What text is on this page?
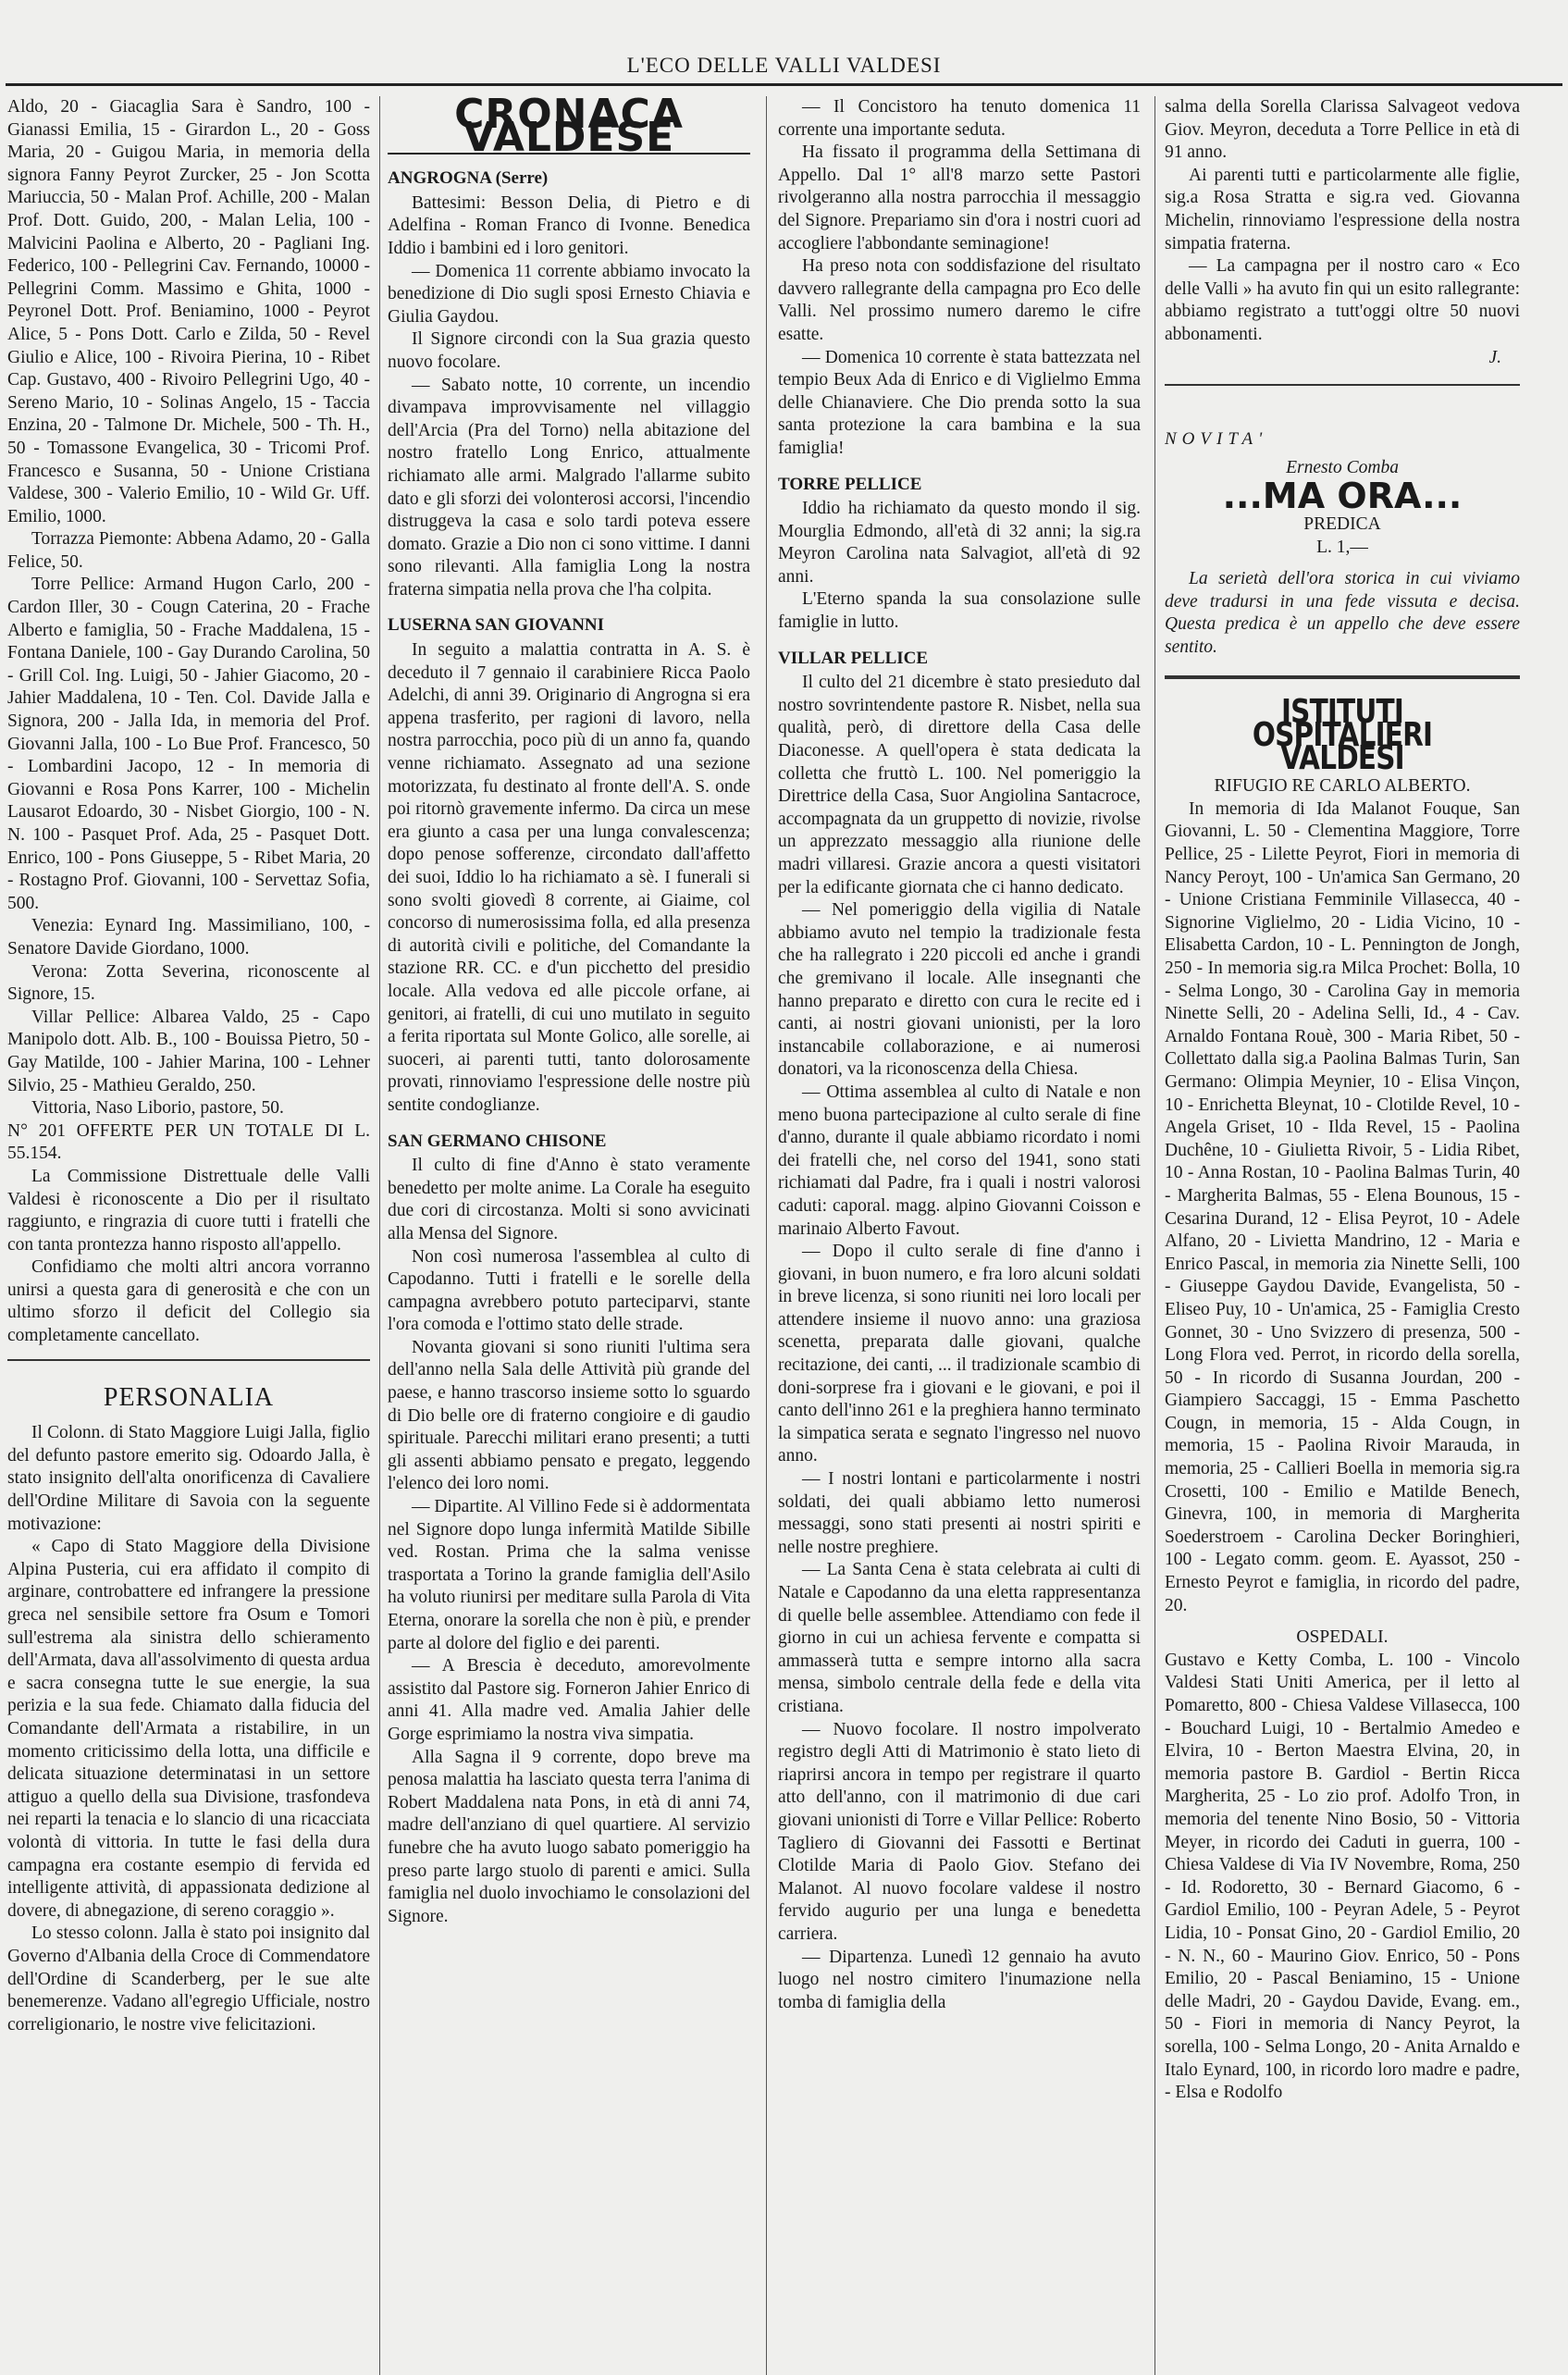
L'ECO DELLE VALLI VALDESI

Aldo, 20 - Giacaglia Sara è Sandro, 100 - Gianassi Emilia, 15 - Girardon L., 20 - Goss Maria, 20 - Guigou Maria, in memoria della signora Fanny Peyrot Zurcker, 25 - Jon Scotta Mariuccia, 50 - Malan Prof. Achille, 200 - Malan Prof. Dott. Guido, 200, - Malan Lelia, 100 - Malvicini Paolina e Alberto, 20 - Pagliani Ing. Federico, 100 - Pellegrini Cav. Fernando, 10000 - Pellegrini Comm. Massimo e Ghita, 1000 - Peyronel Dott. Prof. Beniamino, 1000 - Peyrot Alice, 5 - Pons Dott. Carlo e Zilda, 50 - Revel Giulio e Alice, 100 - Rivoira Pierina, 10 - Ribet Cap. Gustavo, 400 - Rivoiro Pellegrini Ugo, 40 - Sereno Mario, 10 - Solinas Angelo, 15 - Taccia Enzina, 20 - Talmone Dr. Michele, 500 - Th. H., 50 - Tomassone Evangelica, 30 - Tricomi Prof. Francesco e Susanna, 50 - Unione Cristiana Valdese, 300 - Valerio Emilio, 10 - Wild Gr. Uff. Emilio, 1000.

Torrazza Piemonte: Abbena Adamo, 20 - Galla Felice, 50.

Torre Pellice: Armand Hugon Carlo, 200 - Cardon Iller, 30 - Cougn Caterina, 20 - Frache Alberto e famiglia, 50 - Frache Maddalena, 15 - Fontana Daniele, 100 - Gay Durando Carolina, 50 - Grill Col. Ing. Luigi, 50 - Jahier Giacomo, 20 - Jahier Maddalena, 10 - Ten. Col. Davide Jalla e Signora, 200 - Jalla Ida, in memoria del Prof. Giovanni Jalla, 100 - Lo Bue Prof. Francesco, 50 - Lombardini Jacopo, 12 - In memoria di Giovanni e Rosa Pons Karrer, 100 - Michelin Lausarot Edoardo, 30 - Nisbet Giorgio, 100 - N. N. 100 - Pasquet Prof. Ada, 25 - Pasquet Dott. Enrico, 100 - Pons Giuseppe, 5 - Ribet Maria, 20 - Rostagno Prof. Giovanni, 100 - Servettaz Sofia, 500.

Venezia: Eynard Ing. Massimiliano, 100, - Senatore Davide Giordano, 1000.

Verona: Zotta Severina, riconoscente al Signore, 15.

Villar Pellice: Albarea Valdo, 25 - Capo Manipolo dott. Alb. B., 100 - Bouissa Pietro, 50 - Gay Matilde, 100 - Jahier Marina, 100 - Lehner Silvio, 25 - Mathieu Geraldo, 250.

Vittoria, Naso Liborio, pastore, 50.

N° 201 OFFERTE PER UN TOTALE DI L. 55.154.

La Commissione Distrettuale delle Valli Valdesi è riconoscente a Dio per il risultato raggiunto, e ringrazia di cuore tutti i fratelli che con tanta prontezza hanno risposto all'appello.

Confidiamo che molti altri ancora vorranno unirsi a questa gara di generosità e che con un ultimo sforzo il deficit del Collegio sia completamente cancellato.

PERSONALIA

Il Colonn. di Stato Maggiore Luigi Jalla, figlio del defunto pastore emerito sig. Odoardo Jalla, è stato insignito dell'alta onorificenza di Cavaliere dell'Ordine Militare di Savoia con la seguente motivazione:

« Capo di Stato Maggiore della Divisione Alpina Pusteria, cui era affidato il compito di arginare, controbattere ed infrangere la pressione greca nel sensibile settore fra Osum e Tomori sull'estrema ala sinistra dello schieramento dell'Armata, dava all'assolvimento di questa ardua e sacra consegna tutte le sue energie, la sua perizia e la sua fede. Chiamato dalla fiducia del Comandante dell'Armata a ristabilire, in un momento criticissimo della lotta, una difficile e delicata situazione determinatasi in un settore attiguo a quello della sua Divisione, trasfondeva nei reparti la tenacia e lo slancio di una ricacciata volontà di vittoria. In tutte le fasi della dura campagna era costante esempio di fervida ed intelligente attività, di appassionata dedizione al dovere, di abnegazione, di sereno coraggio ».

Lo stesso colonn. Jalla è stato poi insignito dal Governo d'Albania della Croce di Commendatore dell'Ordine di Scanderberg, per le sue alte benemerenze. Vadano all'egregio Ufficiale, nostro correligionario, le nostre vive felicitazioni.

CRONACA VALDESE
ANGROGNA (Serre)

Battesimi: Besson Delia, di Pietro e di Adelfina - Roman Franco di Ivonne. Benedica Iddio i bambini ed i loro genitori.

— Domenica 11 corrente abbiamo invocato la benedizione di Dio sugli sposi Ernesto Chiavia e Giulia Gaydou.

Il Signore circondi con la Sua grazia questo nuovo focolare.

— Sabato notte, 10 corrente, un incendio divampava improvvisamente nel villaggio dell'Arcia (Pra del Torno) nella abitazione del nostro fratello Long Enrico, attualmente richiamato alle armi. Malgrado l'allarme subito dato e gli sforzi dei volonterosi accorsi, l'incendio distruggeva la casa e solo tardi poteva essere domato. Grazie a Dio non ci sono vittime. I danni sono rilevanti. Alla famiglia Long la nostra fraterna simpatia nella prova che l'ha colpita.

LUSERNA SAN GIOVANNI

In seguito a malattia contratta in A. S. è deceduto il 7 gennaio il carabiniere Ricca Paolo Adelchi, di anni 39. Originario di Angrogna si era appena trasferito, per ragioni di lavoro, nella nostra parrocchia, poco più di un anno fa, quando venne richiamato. Assegnato ad una sezione motorizzata, fu destinato al fronte dell'A. S. onde poi ritornò gravemente infermo. Da circa un mese era giunto a casa per una lunga convalescenza; dopo penose sofferenze, circondato dall'affetto dei suoi, Iddio lo ha richiamato a sè. I funerali si sono svolti giovedì 8 corrente, ai Giaime, col concorso di numerosissima folla, ed alla presenza di autorità civili e politiche, del Comandante la stazione RR. CC. e d'un picchetto del presidio locale. Alla vedova ed alle piccole orfane, ai genitori, ai fratelli, di cui uno mutilato in seguito a ferita riportata sul Monte Golico, alle sorelle, ai suoceri, ai parenti tutti, tanto dolorosamente provati, rinnoviamo l'espressione delle nostre più sentite condoglianze.

SAN GERMANO CHISONE

Il culto di fine d'Anno è stato veramente benedetto per molte anime. La Corale ha eseguito due cori di circostanza. Molti si sono avvicinati alla Mensa del Signore.

Non così numerosa l'assemblea al culto di Capodanno. Tutti i fratelli e le sorelle della campagna avrebbero potuto parteciparvi, stante l'ora comoda e l'ottimo stato delle strade.

Novanta giovani si sono riuniti l'ultima sera dell'anno nella Sala delle Attività più grande del paese, e hanno trascorso insieme sotto lo sguardo di Dio belle ore di fraterno congioire e di gaudio spirituale. Parecchi militari erano presenti; a tutti gli assenti abbiamo pensato e pregato, leggendo l'elenco dei loro nomi.

— Dipartite. Al Villino Fede si è addormentata nel Signore dopo lunga infermità Matilde Sibille ved. Rostan. Prima che la salma venisse trasportata a Torino la grande famiglia dell'Asilo ha voluto riunirsi per meditare sulla Parola di Vita Eterna, onorare la sorella che non è più, e prender parte al dolore del figlio e dei parenti.

— A Brescia è deceduto, amorevolmente assistito dal Pastore sig. Forneron Jahier Enrico di anni 41. Alla madre ved. Amalia Jahier delle Gorge esprimiamo la nostra viva simpatia.

Alla Sagna il 9 corrente, dopo breve ma penosa malattia ha lasciato questa terra l'anima di Robert Maddalena nata Pons, in età di anni 74, madre dell'anziano di quel quartiere. Al servizio funebre che ha avuto luogo sabato pomeriggio ha preso parte largo stuolo di parenti e amici. Sulla famiglia nel duolo invochiamo le consolazioni del Signore.

— Il Concistoro ha tenuto domenica 11 corrente una importante seduta.

Ha fissato il programma della Settimana di Appello. Dal 1° all'8 marzo sette Pastori rivolgeranno alla nostra parrocchia il messaggio del Signore. Prepariamo sin d'ora i nostri cuori ad accogliere l'abbondante seminagione!

Ha preso nota con soddisfazione del risultato davvero rallegrante della campagna pro Eco delle Valli. Nel prossimo numero daremo le cifre esatte.

— Domenica 10 corrente è stata battezzata nel tempio Beux Ada di Enrico e di Viglielmo Emma delle Chianaviere. Che Dio prenda sotto la sua santa protezione la cara bambina e la sua famiglia!

TORRE PELLICE

Iddio ha richiamato da questo mondo il sig. Mourglia Edmondo, all'età di 32 anni; la sig.ra Meyron Carolina nata Salvagiot, all'età di 92 anni.

L'Eterno spanda la sua consolazione sulle famiglie in lutto.

VILLAR PELLICE

Il culto del 21 dicembre è stato presieduto dal nostro sovrintendente pastore R. Nisbet, nella sua qualità, però, di direttore della Casa delle Diaconesse. A quell'opera è stata dedicata la colletta che fruttò L. 100. Nel pomeriggio la Direttrice della Casa, Suor Angiolina Santacroce, accompagnata da un gruppetto di novizie, rivolse un apprezzato messaggio alla riunione delle madri villaresi. Grazie ancora a questi visitatori per la edificante giornata che ci hanno dedicato.

— Nel pomeriggio della vigilia di Natale abbiamo avuto nel tempio la tradizionale festa che ha rallegrato i 220 piccoli ed anche i grandi che gremivano il locale. Alle insegnanti che hanno preparato e diretto con cura le recite ed i canti, ai nostri giovani unionisti, per la loro instancabile collaborazione, e ai numerosi donatori, va la riconoscenza della Chiesa.

— Ottima assemblea al culto di Natale e non meno buona partecipazione al culto serale di fine d'anno, durante il quale abbiamo ricordato i nomi dei fratelli che, nel corso del 1941, sono stati richiamati dal Padre, fra i quali i nostri valorosi caduti: caporal. magg. alpino Giovanni Coisson e marinaio Alberto Favout.

— Dopo il culto serale di fine d'anno i giovani, in buon numero, e fra loro alcuni soldati in breve licenza, si sono riuniti nei loro locali per attendere insieme il nuovo anno: una graziosa scenetta, preparata dalle giovani, qualche recitazione, dei canti, ... il tradizionale scambio di doni-sorprese fra i giovani e le giovani, e poi il canto dell'inno 261 e la preghiera hanno terminato la simpatica serata e segnato l'ingresso nel nuovo anno.

— I nostri lontani e particolarmente i nostri soldati, dei quali abbiamo letto numerosi messaggi, sono stati presenti ai nostri spiriti e nelle nostre preghiere.

— La Santa Cena è stata celebrata ai culti di Natale e Capodanno da una eletta rappresentanza di quelle belle assemblee. Attendiamo con fede il giorno in cui un achiesa fervente e compatta si ammasserà tutta e sempre intorno alla sacra mensa, simbolo centrale della fede e della vita cristiana.

— Nuovo focolare. Il nostro impolverato registro degli Atti di Matrimonio è stato lieto di riaprirsi ancora in tempo per registrare il quarto atto dell'anno, con il matrimonio di due cari giovani unionisti di Torre e Villar Pellice: Roberto Tagliero di Giovanni dei Fassotti e Bertinat Clotilde Maria di Paolo Giov. Stefano dei Malanot. Al nuovo focolare valdese il nostro fervido augurio per una lunga e benedetta carriera.

— Dipartenza. Lunedì 12 gennaio ha avuto luogo nel nostro cimitero l'inumazione nella tomba di famiglia della

salma della Sorella Clarissa Salvageot vedova Giov. Meyron, deceduta a Torre Pellice in età di 91 anno.

Ai parenti tutti e particolarmente alle figlie, sig.a Rosa Stratta e sig.ra ved. Giovanna Michelin, rinnoviamo l'espressione della nostra simpatia fraterna.

— La campagna per il nostro caro « Eco delle Valli » ha avuto fin qui un esito rallegrante: abbiamo registrato a tutt'oggi oltre 50 nuovi abbonamenti.

J.
NOVITA'
Ernesto Comba
...MA ORA...
PREDICA
L. 1,—

La serietà dell'ora storica in cui viviamo deve tradursi in una fede vissuta e decisa. Questa predica è un appello che deve essere sentito.

ISTITUTI OSPITALIERI VALDESI
RIFUGIO RE CARLO ALBERTO.

In memoria di Ida Malanot Fouque, San Giovanni, L. 50 - Clementina Maggiore, Torre Pellice, 25 - Lilette Peyrot, Fiori in memoria di Nancy Peroyt, 100 - Un'amica San Germano, 20 - Unione Cristiana Femminile Villasecca, 40 - Signorine Viglielmo, 20 - Lidia Vicino, 10 - Elisabetta Cardon, 10 - L. Pennington de Jongh, 250 - In memoria sig.ra Milca Prochet: Bolla, 10 - Selma Longo, 30 - Carolina Gay in memoria Ninette Selli, 20 - Adelina Selli, Id., 4 - Cav. Arnaldo Fontana Rouè, 300 - Maria Ribet, 50 - Collettato dalla sig.a Paolina Balmas Turin, San Germano: Olimpia Meynier, 10 - Elisa Vinçon, 10 - Enrichetta Bleynat, 10 - Clotilde Revel, 10 - Angela Griset, 10 - Ilda Revel, 15 - Paolina Duchêne, 10 - Giulietta Rivoir, 5 - Lidia Ribet, 10 - Anna Rostan, 10 - Paolina Balmas Turin, 40 - Margherita Balmas, 55 - Elena Bounous, 15 - Cesarina Durand, 12 - Elisa Peyrot, 10 - Adele Alfano, 20 - Livietta Mandrino, 12 - Maria e Enrico Pascal, in memoria zia Ninette Selli, 100 - Giuseppe Gaydou Davide, Evangelista, 50 - Eliseo Puy, 10 - Un'amica, 25 - Famiglia Cresto Gonnet, 30 - Uno Svizzero di presenza, 500 - Long Flora ved. Perrot, in ricordo della sorella, 50 - In ricordo di Susanna Jourdan, 200 - Giampiero Saccaggi, 15 - Emma Paschetto Cougn, in memoria, 15 - Alda Cougn, in memoria, 15 - Paolina Rivoir Marauda, in memoria, 25 - Callieri Boella in memoria sig.ra Crosetti, 100 - Emilio e Matilde Benech, Ginevra, 100, in memoria di Margherita Soederstroem - Carolina Decker Boringhieri, 100 - Legato comm. geom. E. Ayassot, 250 - Ernesto Peyrot e famiglia, in ricordo del padre, 20.

OSPEDALI.

Gustavo e Ketty Comba, L. 100 - Vincolo Valdesi Stati Uniti America, per il letto al Pomaretto, 800 - Chiesa Valdese Villasecca, 100 - Bouchard Luigi, 10 - Bertalmio Amedeo e Elvira, 10 - Berton Maestra Elvina, 20, in memoria pastore B. Gardiol - Bertin Ricca Margherita, 25 - Lo zio prof. Adolfo Tron, in memoria del tenente Nino Bosio, 50 - Vittoria Meyer, in ricordo dei Caduti in guerra, 100 - Chiesa Valdese di Via IV Novembre, Roma, 250 - Id. Rodoretto, 30 - Bernard Giacomo, 6 - Gardiol Emilio, 100 - Peyran Adele, 5 - Peyrot Lidia, 10 - Ponsat Gino, 20 - Gardiol Emilio, 20 - N. N., 60 - Maurino Giov. Enrico, 50 - Pons Emilio, 20 - Pascal Beniamino, 15 - Unione delle Madri, 20 - Gaydou Davide, Evang. em., 50 - Fiori in memoria di Nancy Peyrot, la sorella, 100 - Selma Longo, 20 - Anita Arnaldo e Italo Eynard, 100, in ricordo loro madre e padre, - Elsa e Rodolfo
